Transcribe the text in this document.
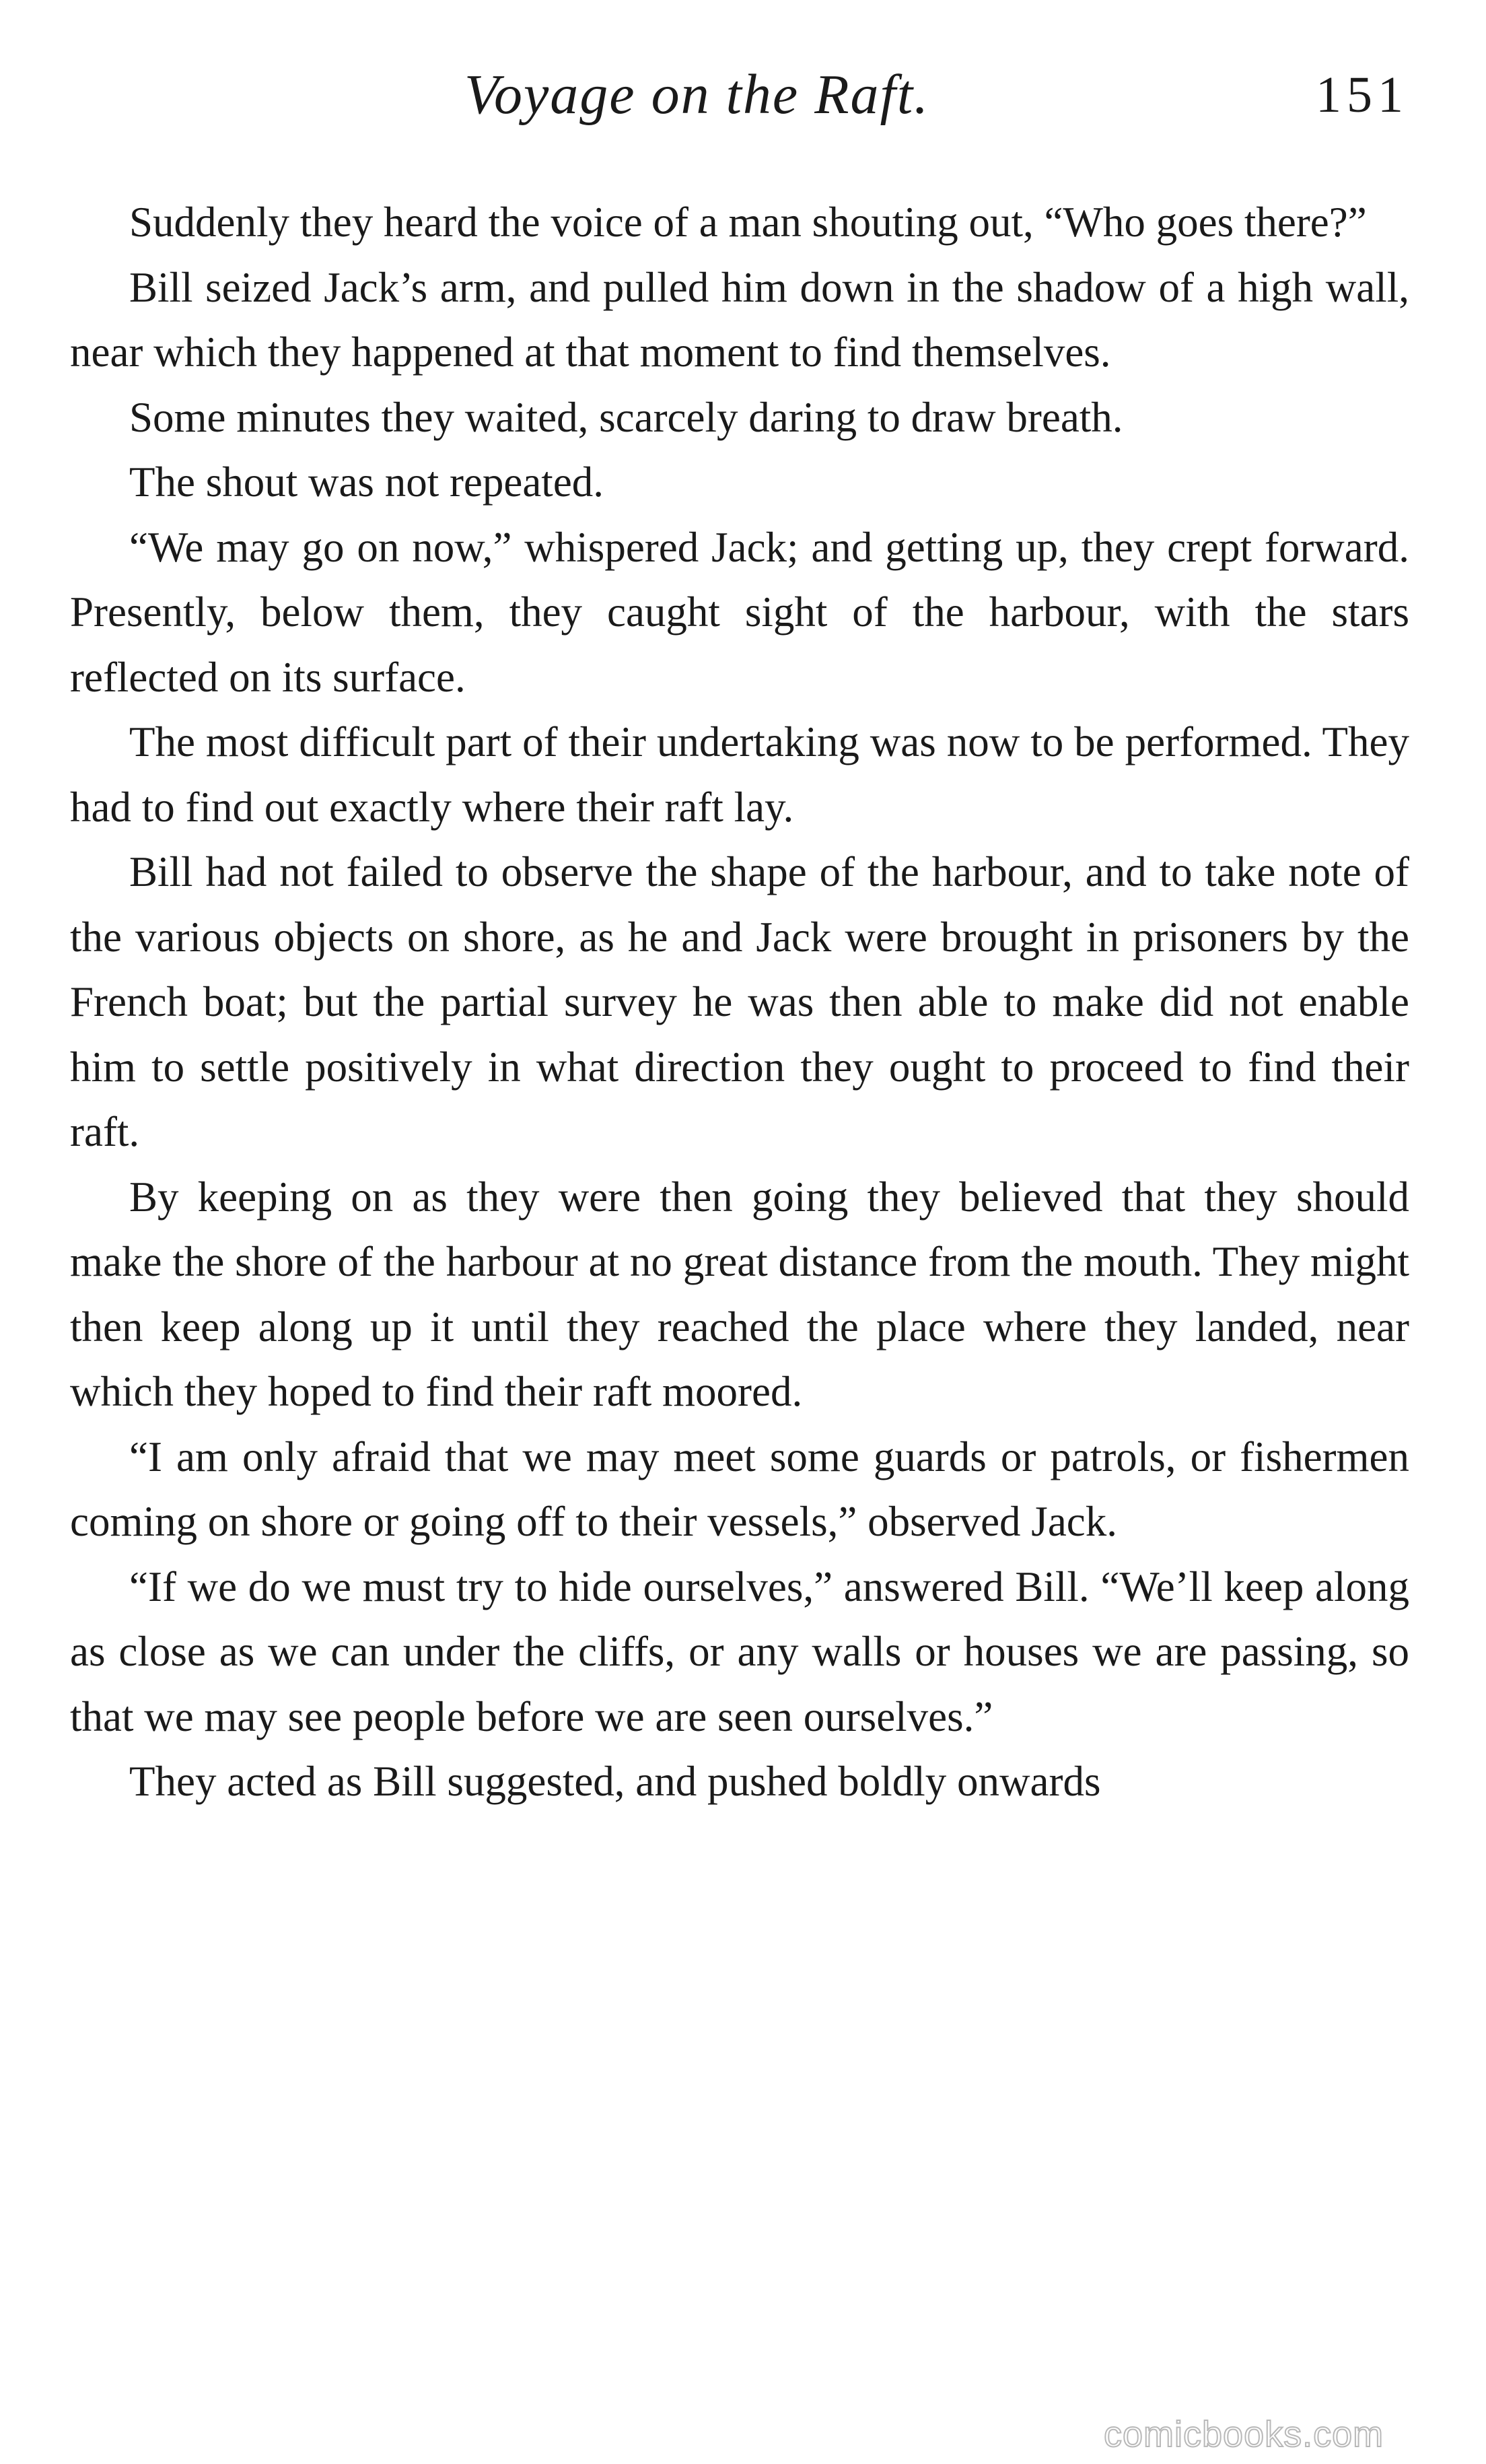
Voyage on the Raft.	151

Suddenly they heard the voice of a man shouting out, “Who goes there?”

Bill seized Jack’s arm, and pulled him down in the shadow of a high wall, near which they happened at that moment to find themselves.

Some minutes they waited, scarcely daring to draw breath.

The shout was not repeated.

“We may go on now,” whispered Jack; and getting up, they crept forward. Presently, below them, they caught sight of the harbour, with the stars reflected on its surface.

The most difficult part of their undertaking was now to be performed. They had to find out exactly where their raft lay.

Bill had not failed to observe the shape of the harbour, and to take note of the various objects on shore, as he and Jack were brought in prisoners by the French boat; but the partial survey he was then able to make did not enable him to settle positively in what direction they ought to proceed to find their raft.

By keeping on as they were then going they believed that they should make the shore of the harbour at no great distance from the mouth. They might then keep along up it until they reached the place where they landed, near which they hoped to find their raft moored.

“I am only afraid that we may meet some guards or patrols, or fishermen coming on shore or going off to their vessels,” observed Jack.

“If we do we must try to hide ourselves,” answered Bill. “We’ll keep along as close as we can under the cliffs, or any walls or houses we are passing, so that we may see people before we are seen ourselves.”

They acted as Bill suggested, and pushed boldly onwards

comicbooks.com
